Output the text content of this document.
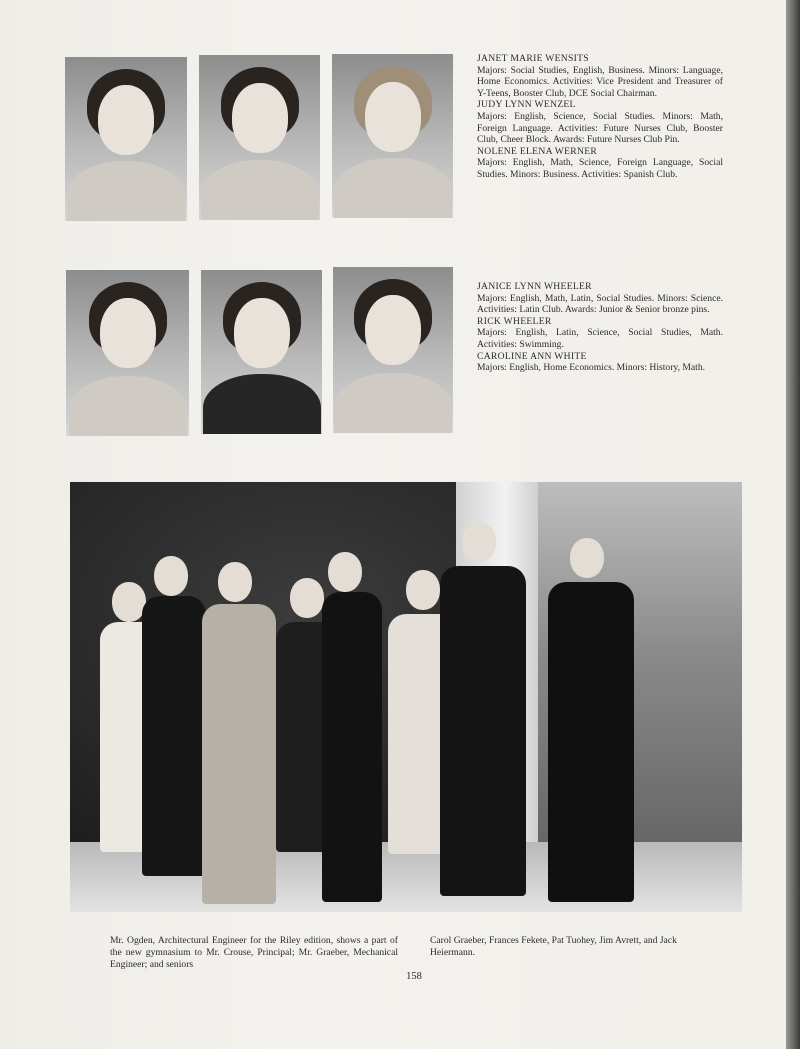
JANET MARIE WENSITS
Majors: Social Studies, English, Business. Minors: Language, Home Economics. Activities: Vice President and Treasurer of Y-Teens, Booster Club, DCE Social Chairman.
JUDY LYNN WENZEL
Majors: English, Science, Social Studies. Minors: Math, Foreign Language. Activities: Future Nurses Club, Booster Club, Cheer Block. Awards: Future Nurses Club Pin.
NOLENE ELENA WERNER
Majors: English, Math, Science, Foreign Language, Social Studies. Minors: Business. Activities: Spanish Club.
JANICE LYNN WHEELER
Majors: English, Math, Latin, Social Studies. Minors: Science. Activities: Latin Club. Awards: Junior & Senior bronze pins.
RICK WHEELER
Majors: English, Latin, Science, Social Studies, Math. Activities: Swimming.
CAROLINE ANN WHITE
Majors: English, Home Economics. Minors: History, Math.
Mr. Ogden, Architectural Engineer for the Riley edition, shows a part of the new gymnasium to Mr. Crouse, Principal; Mr. Graeber, Mechanical Engineer; and seniors
Carol Graeber, Frances Fekete, Pat Tuohey, Jim Avrett, and Jack Heiermann.
158
